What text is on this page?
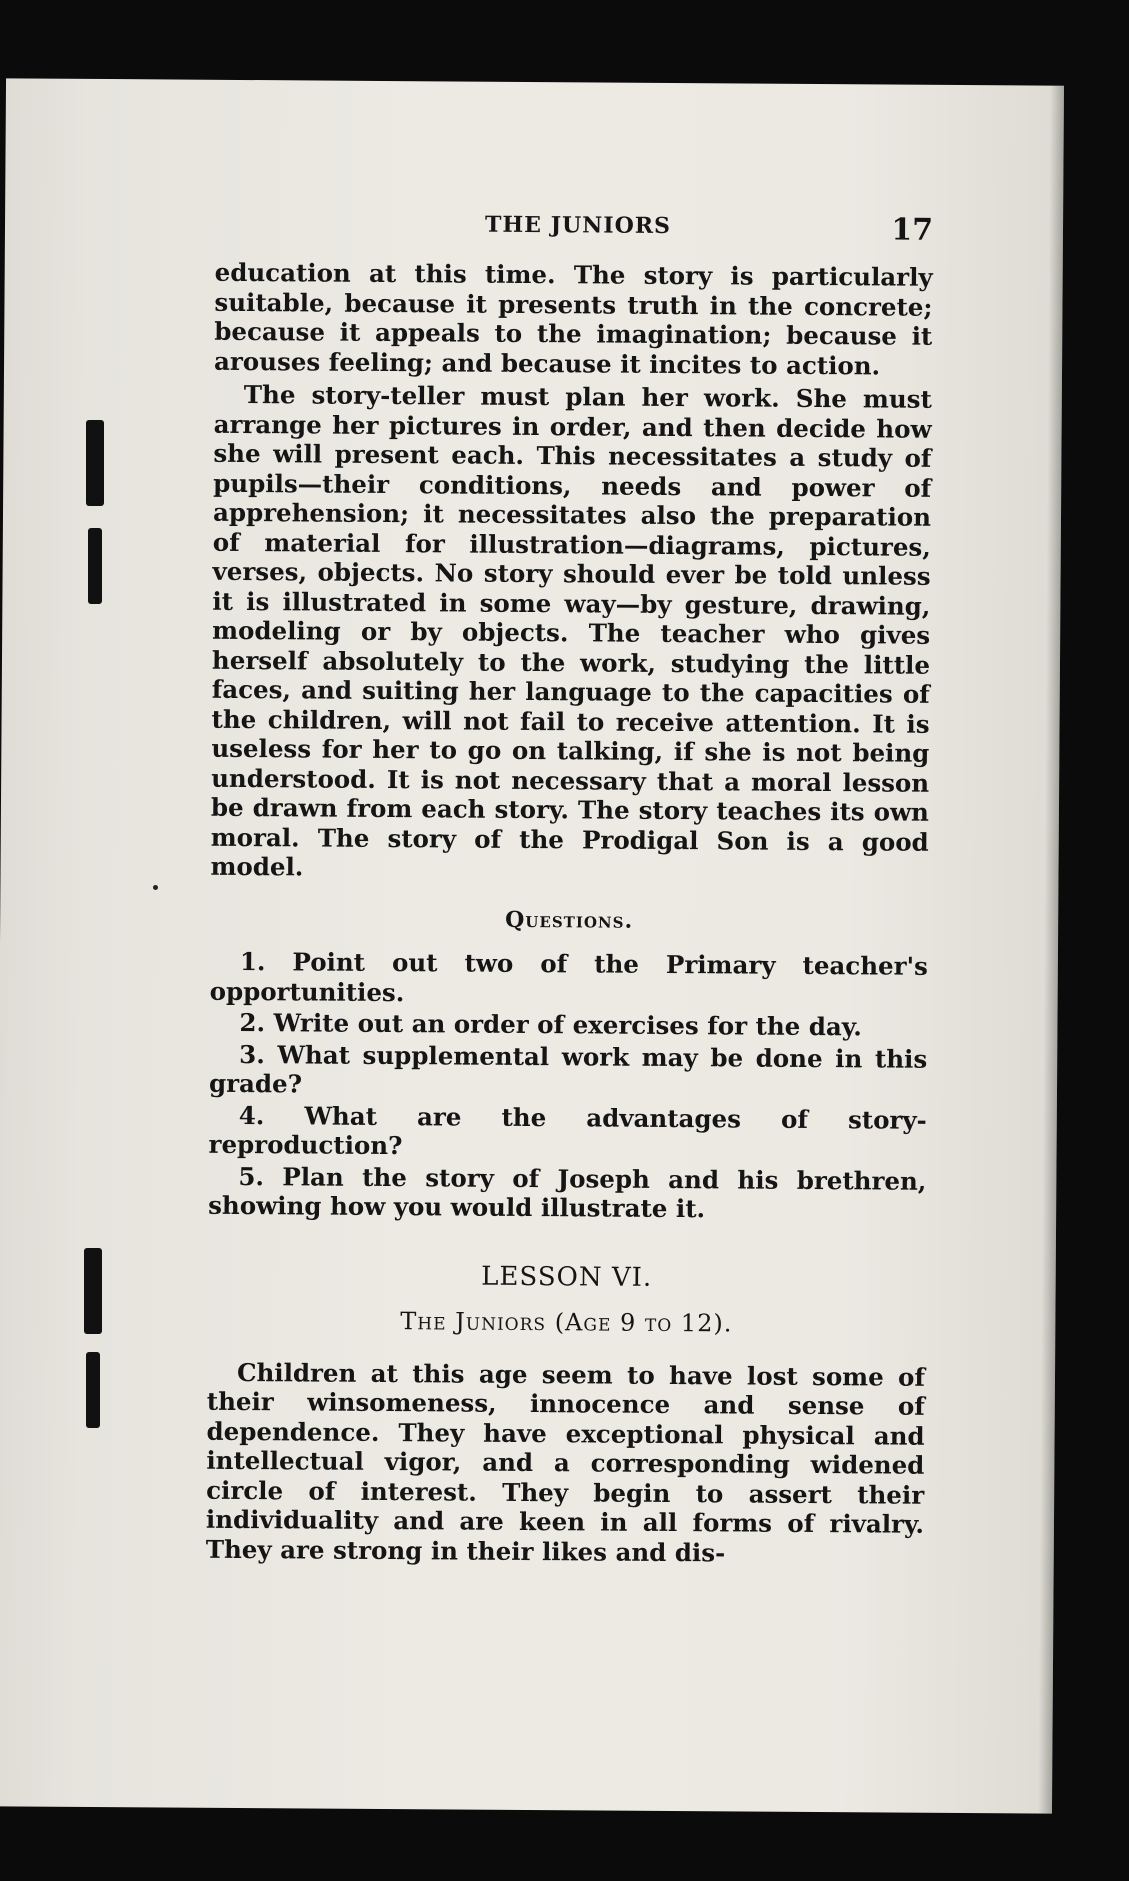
THE JUNIORS	17

education at this time. The story is particularly suitable, because it presents truth in the concrete; because it appeals to the imagination; because it arouses feeling; and because it incites to action.

The story-teller must plan her work. She must arrange her pictures in order, and then decide how she will present each. This necessitates a study of pupils—their conditions, needs and power of apprehension; it necessitates also the preparation of material for illustration—diagrams, pictures, verses, objects. No story should ever be told unless it is illustrated in some way—by gesture, drawing, modeling or by objects. The teacher who gives herself absolutely to the work, studying the little faces, and suiting her language to the capacities of the children, will not fail to receive attention. It is useless for her to go on talking, if she is not being understood. It is not necessary that a moral lesson be drawn from each story. The story teaches its own moral. The story of the Prodigal Son is a good model.

Questions.
1. Point out two of the Primary teacher's opportunities.
2. Write out an order of exercises for the day.
3. What supplemental work may be done in this grade?
4. What are the advantages of story-reproduction?
5. Plan the story of Joseph and his brethren, showing how you would illustrate it.
LESSON VI.
The Juniors (Age 9 to 12).

Children at this age seem to have lost some of their winsomeness, innocence and sense of dependence. They have exceptional physical and intellectual vigor, and a corresponding widened circle of interest. They begin to assert their individuality and are keen in all forms of rivalry. They are strong in their likes and dis-
